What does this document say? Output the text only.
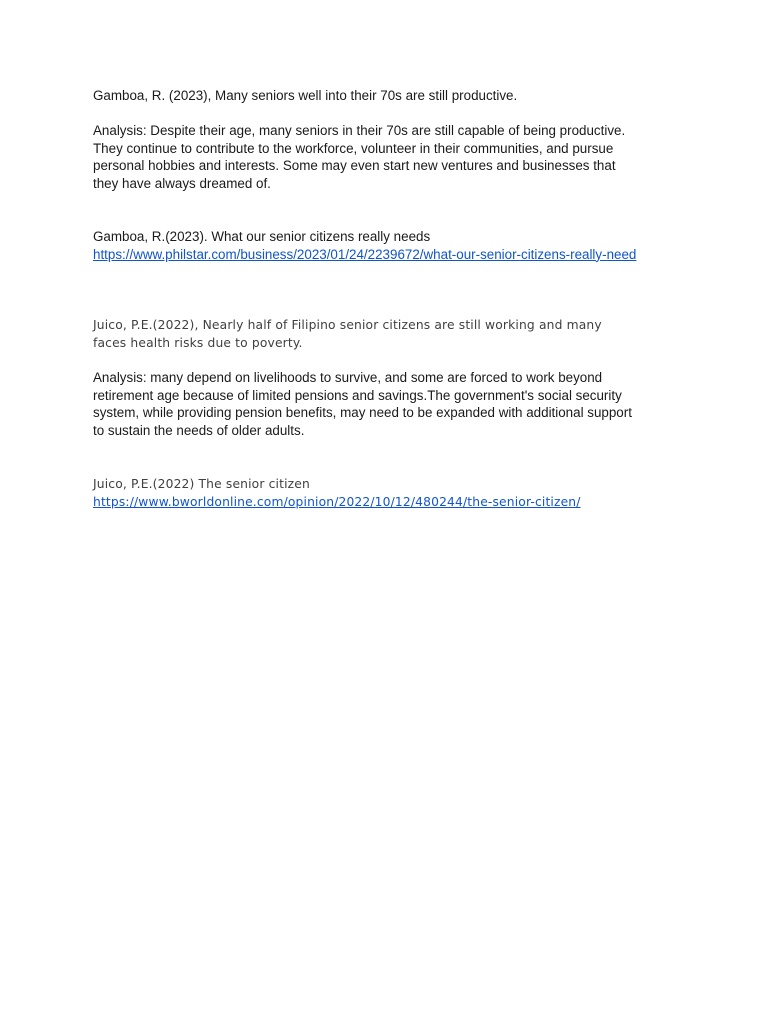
Gamboa, R. (2023), Many seniors well into their 70s are still productive.

Analysis: Despite their age, many seniors in their 70s are still capable of being productive.

They continue to contribute to the workforce, volunteer in their communities, and pursue

personal hobbies and interests. Some may even start new ventures and businesses that

they have always dreamed of.

Gamboa, R.(2023). What our senior citizens really needs

https://www.philstar.com/business/2023/01/24/2239672/what-our-senior-citizens-really-need

Juico, P.E.(2022), Nearly half of Filipino senior citizens are still working and many

faces health risks due to poverty.

Analysis: many depend on livelihoods to survive, and some are forced to work beyond

retirement age because of limited pensions and savings.The government's social security

system, while providing pension benefits, may need to be expanded with additional support

to sustain the needs of older adults.

Juico, P.E.(2022) The senior citizen

https://www.bworldonline.com/opinion/2022/10/12/480244/the-senior-citizen/
